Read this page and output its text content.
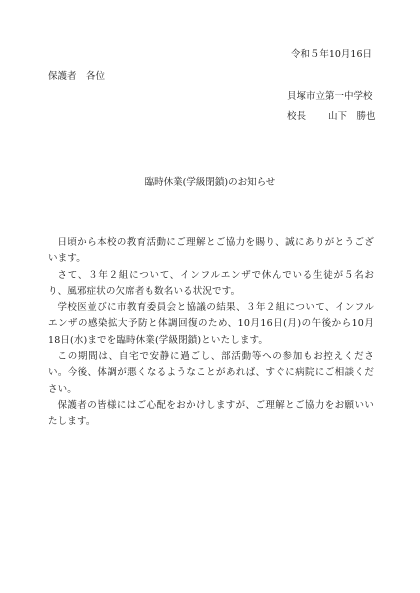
令和５年10月16日
保護者　各位
貝塚市立第一中学校
校長 山下　勝也
臨時休業(学級閉鎖)のお知らせ

日頃から本校の教育活動にご理解とご協力を賜り、誠にありがとうございます。

さて、３年２組について、インフルエンザで休んでいる生徒が５名おり、風邪症状の欠席者も数名いる状況です。

学校医並びに市教育委員会と協議の結果、３年２組について、インフルエンザの感染拡大予防と体調回復のため、10月16日(月)の午後から10月18日(水)までを臨時休業(学級閉鎖)といたします。

この期間は、自宅で安静に過ごし、部活動等への参加もお控えください。今後、体調が悪くなるようなことがあれば、すぐに病院にご相談ください。

保護者の皆様にはご心配をおかけしますが、ご理解とご協力をお願いいたします。
